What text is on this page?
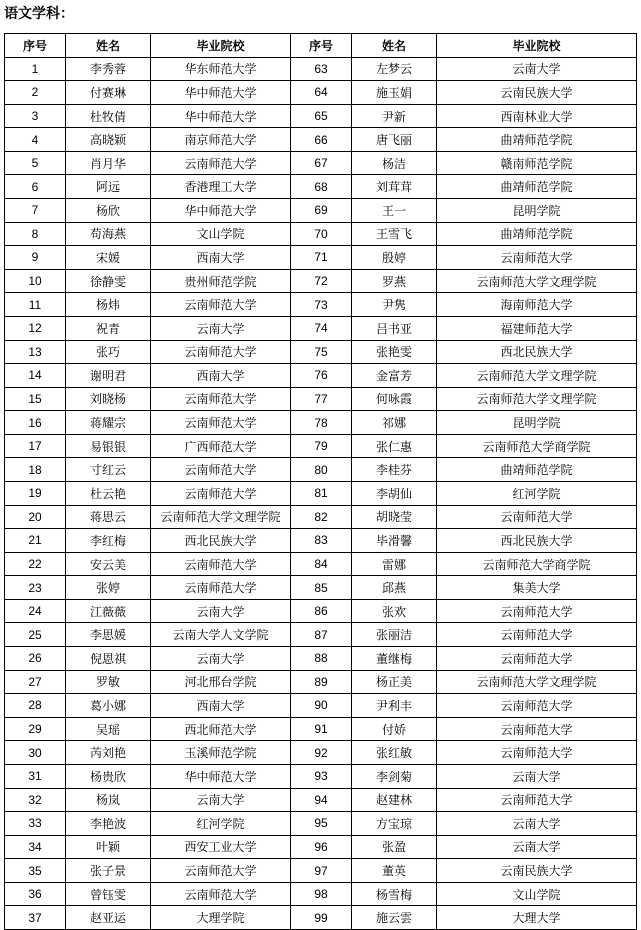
语文学科：
序号	姓名	毕业院校	序号	姓名	毕业院校
1	李秀蓉	华东师范大学	63	左梦云	云南大学
2	付赛琳	华中师范大学	64	施玉娟	云南民族大学
3	杜牧倩	华中师范大学	65	尹新	西南林业大学
4	高晓颖	南京师范大学	66	唐飞丽	曲靖师范学院
5	肖月华	云南师范大学	67	杨洁	赣南师范学院
6	阿远	香港理工大学	68	刘茸茸	曲靖师范学院
7	杨欣	华中师范大学	69	王一	昆明学院
8	苟海燕	文山学院	70	王雪飞	曲靖师范学院
9	宋媛	西南大学	71	殷婷	云南师范大学
10	徐静雯	贵州师范学院	72	罗燕	云南师范大学文理学院
11	杨炜	云南师范大学	73	尹隽	海南师范大学
12	祝青	云南大学	74	吕书亚	福建师范大学
13	张巧	云南师范大学	75	张艳雯	西北民族大学
14	谢明君	西南大学	76	金富芳	云南师范大学文理学院
15	刘晓杨	云南师范大学	77	何咏霞	云南师范大学文理学院
16	蒋耀宗	云南师范大学	78	祁娜	昆明学院
17	易银银	广西师范大学	79	张仁惠	云南师范大学商学院
18	寸红云	云南师范大学	80	李桂芬	曲靖师范学院
19	杜云艳	云南师范大学	81	李胡仙	红河学院
20	蒋思云	云南师范大学文理学院	82	胡晓莹	云南师范大学
21	李红梅	西北民族大学	83	毕滑馨	西北民族大学
22	安云美	云南师范大学	84	雷娜	云南师范大学商学院
23	张婷	云南师范大学	85	邱燕	集美大学
24	江薇薇	云南大学	86	张欢	云南师范大学
25	李思媛	云南大学人文学院	87	张丽洁	云南师范大学
26	倪恩祺	云南大学	88	董继梅	云南师范大学
27	罗敏	河北邢台学院	89	杨正美	云南师范大学文理学院
28	葛小娜	西南大学	90	尹利丰	云南师范大学
29	吴瑶	西北师范大学	91	付娇	云南师范大学
30	芮刘艳	玉溪师范学院	92	张红敏	云南师范大学
31	杨贵欣	华中师范大学	93	李剑菊	云南大学
32	杨岚	云南大学	94	赵建林	云南师范大学
33	李艳波	红河学院	95	方宝琼	云南大学
34	叶颖	西安工业大学	96	张盈	云南大学
35	张子景	云南师范大学	97	董英	云南民族大学
36	曾钰雯	云南师范大学	98	杨雪梅	文山学院
37	赵亚运	大理学院	99	施云雲	大理大学
